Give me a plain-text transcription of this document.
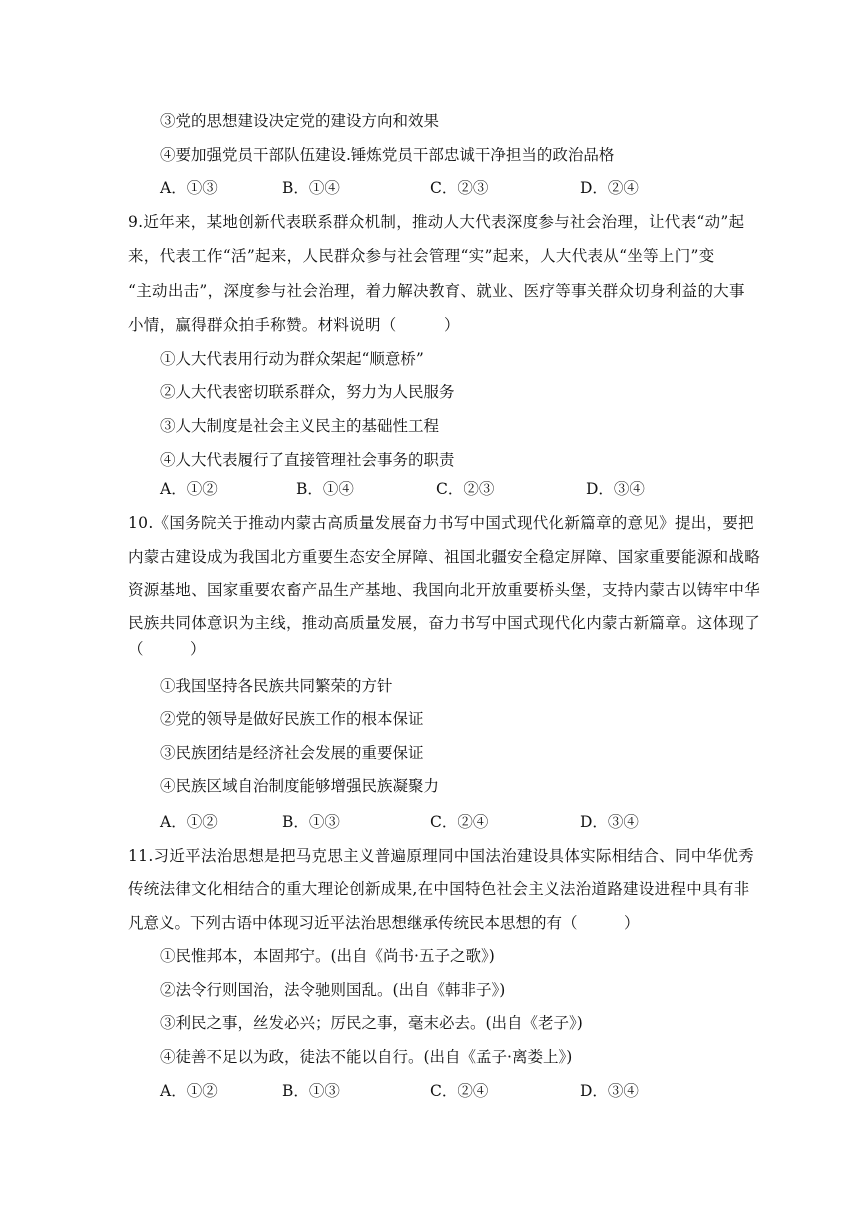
③党的思想建设决定党的建设方向和效果
④要加强党员干部队伍建设.锤炼党员干部忠诚干净担当的政治品格
A．①③	B．①④	C．②③	D．②④
9.近年来，某地创新代表联系群众机制，推动人大代表深度参与社会治理，让代表“动”起
来，代表工作“活”起来，人民群众参与社会管理“实”起来，人大代表从“坐等上门”变
“主动出击”，深度参与社会治理，着力解决教育、就业、医疗等事关群众切身利益的大事
小情，赢得群众拍手称赞。材料说明（　　　）
①人大代表用行动为群众架起“顺意桥”
②人大代表密切联系群众，努力为人民服务
③人大制度是社会主义民主的基础性工程
④人大代表履行了直接管理社会事务的职责
A．①②	B．①④	C．②③	D．③④
10.《国务院关于推动内蒙古高质量发展奋力书写中国式现代化新篇章的意见》提出，要把
内蒙古建设成为我国北方重要生态安全屏障、祖国北疆安全稳定屏障、国家重要能源和战略
资源基地、国家重要农畜产品生产基地、我国向北开放重要桥头堡，支持内蒙古以铸牢中华
民族共同体意识为主线，推动高质量发展，奋力书写中国式现代化内蒙古新篇章。这体现了
（　　　）
①我国坚持各民族共同繁荣的方针
②党的领导是做好民族工作的根本保证
③民族团结是经济社会发展的重要保证
④民族区域自治制度能够增强民族凝聚力
A．①②	B．①③	C．②④	D．③④
11.习近平法治思想是把马克思主义普遍原理同中国法治建设具体实际相结合、同中华优秀
传统法律文化相结合的重大理论创新成果,在中国特色社会主义法治道路建设进程中具有非
凡意义。下列古语中体现习近平法治思想继承传统民本思想的有（　　　）
①民惟邦本，本固邦宁。(出自《尚书·五子之歌》)
②法令行则国治，法令驰则国乱。(出自《韩非子》)
③利民之事，丝发必兴；厉民之事，毫末必去。(出自《老子》)
④徒善不足以为政，徒法不能以自行。(出自《孟子·离娄上》)
A．①②	B．①③	C．②④	D．③④
